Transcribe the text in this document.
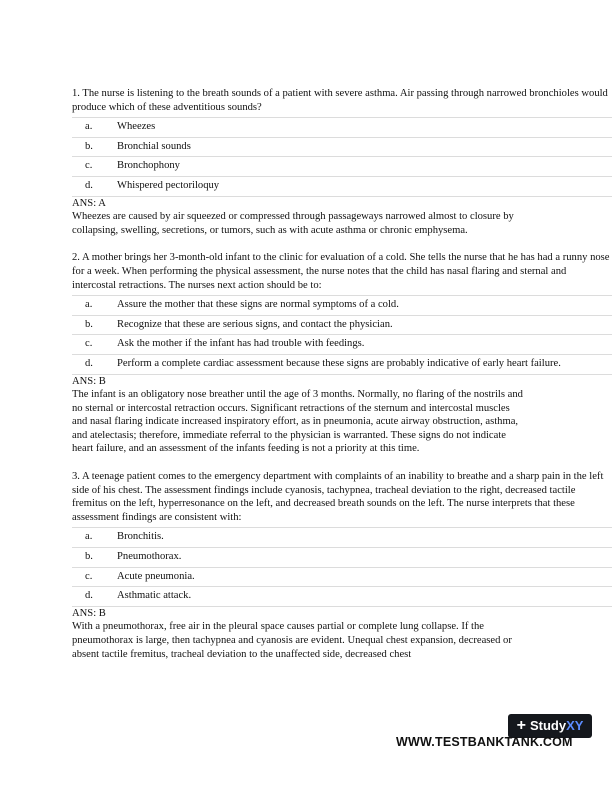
1. The nurse is listening to the breath sounds of a patient with severe asthma. Air passing through narrowed bronchioles would produce which of these adventitious sounds?

a.	Wheezes
b.	Bronchial sounds
c.	Bronchophony
d.	Whispered pectoriloquy

ANS: A

Wheezes are caused by air squeezed or compressed through passageways narrowed almost to closure by collapsing, swelling, secretions, or tumors, such as with acute asthma or chronic emphysema.

2. A mother brings her 3-month-old infant to the clinic for evaluation of a cold. She tells the nurse that he has had a runny nose for a week. When performing the physical assessment, the nurse notes that the child has nasal flaring and sternal and intercostal retractions. The nurses next action should be to:

a.	Assure the mother that these signs are normal symptoms of a cold.
b.	Recognize that these are serious signs, and contact the physician.
c.	Ask the mother if the infant has had trouble with feedings.
d.	Perform a complete cardiac assessment because these signs are probably indicative of early heart failure.

ANS: B

The infant is an obligatory nose breather until the age of 3 months. Normally, no flaring of the nostrils and no sternal or intercostal retraction occurs. Significant retractions of the sternum and intercostal muscles and nasal flaring indicate increased inspiratory effort, as in pneumonia, acute airway obstruction, asthma, and atelectasis; therefore, immediate referral to the physician is warranted. These signs do not indicate heart failure, and an assessment of the infants feeding is not a priority at this time.

3. A teenage patient comes to the emergency department with complaints of an inability to breathe and a sharp pain in the left side of his chest. The assessment findings include cyanosis, tachypnea, tracheal deviation to the right, decreased tactile fremitus on the left, hyperresonance on the left, and decreased breath sounds on the left. The nurse interprets that these assessment findings are consistent with:

a.	Bronchitis.
b.	Pneumothorax.
c.	Acute pneumonia.
d.	Asthmatic attack.

ANS: B

With a pneumothorax, free air in the pleural space causes partial or complete lung collapse. If the pneumothorax is large, then tachypnea and cyanosis are evident. Unequal chest expansion, decreased or absent tactile fremitus, tracheal deviation to the unaffected side, decreased chest

+ StudyXY
WWW.TESTBANKTANK.COM
